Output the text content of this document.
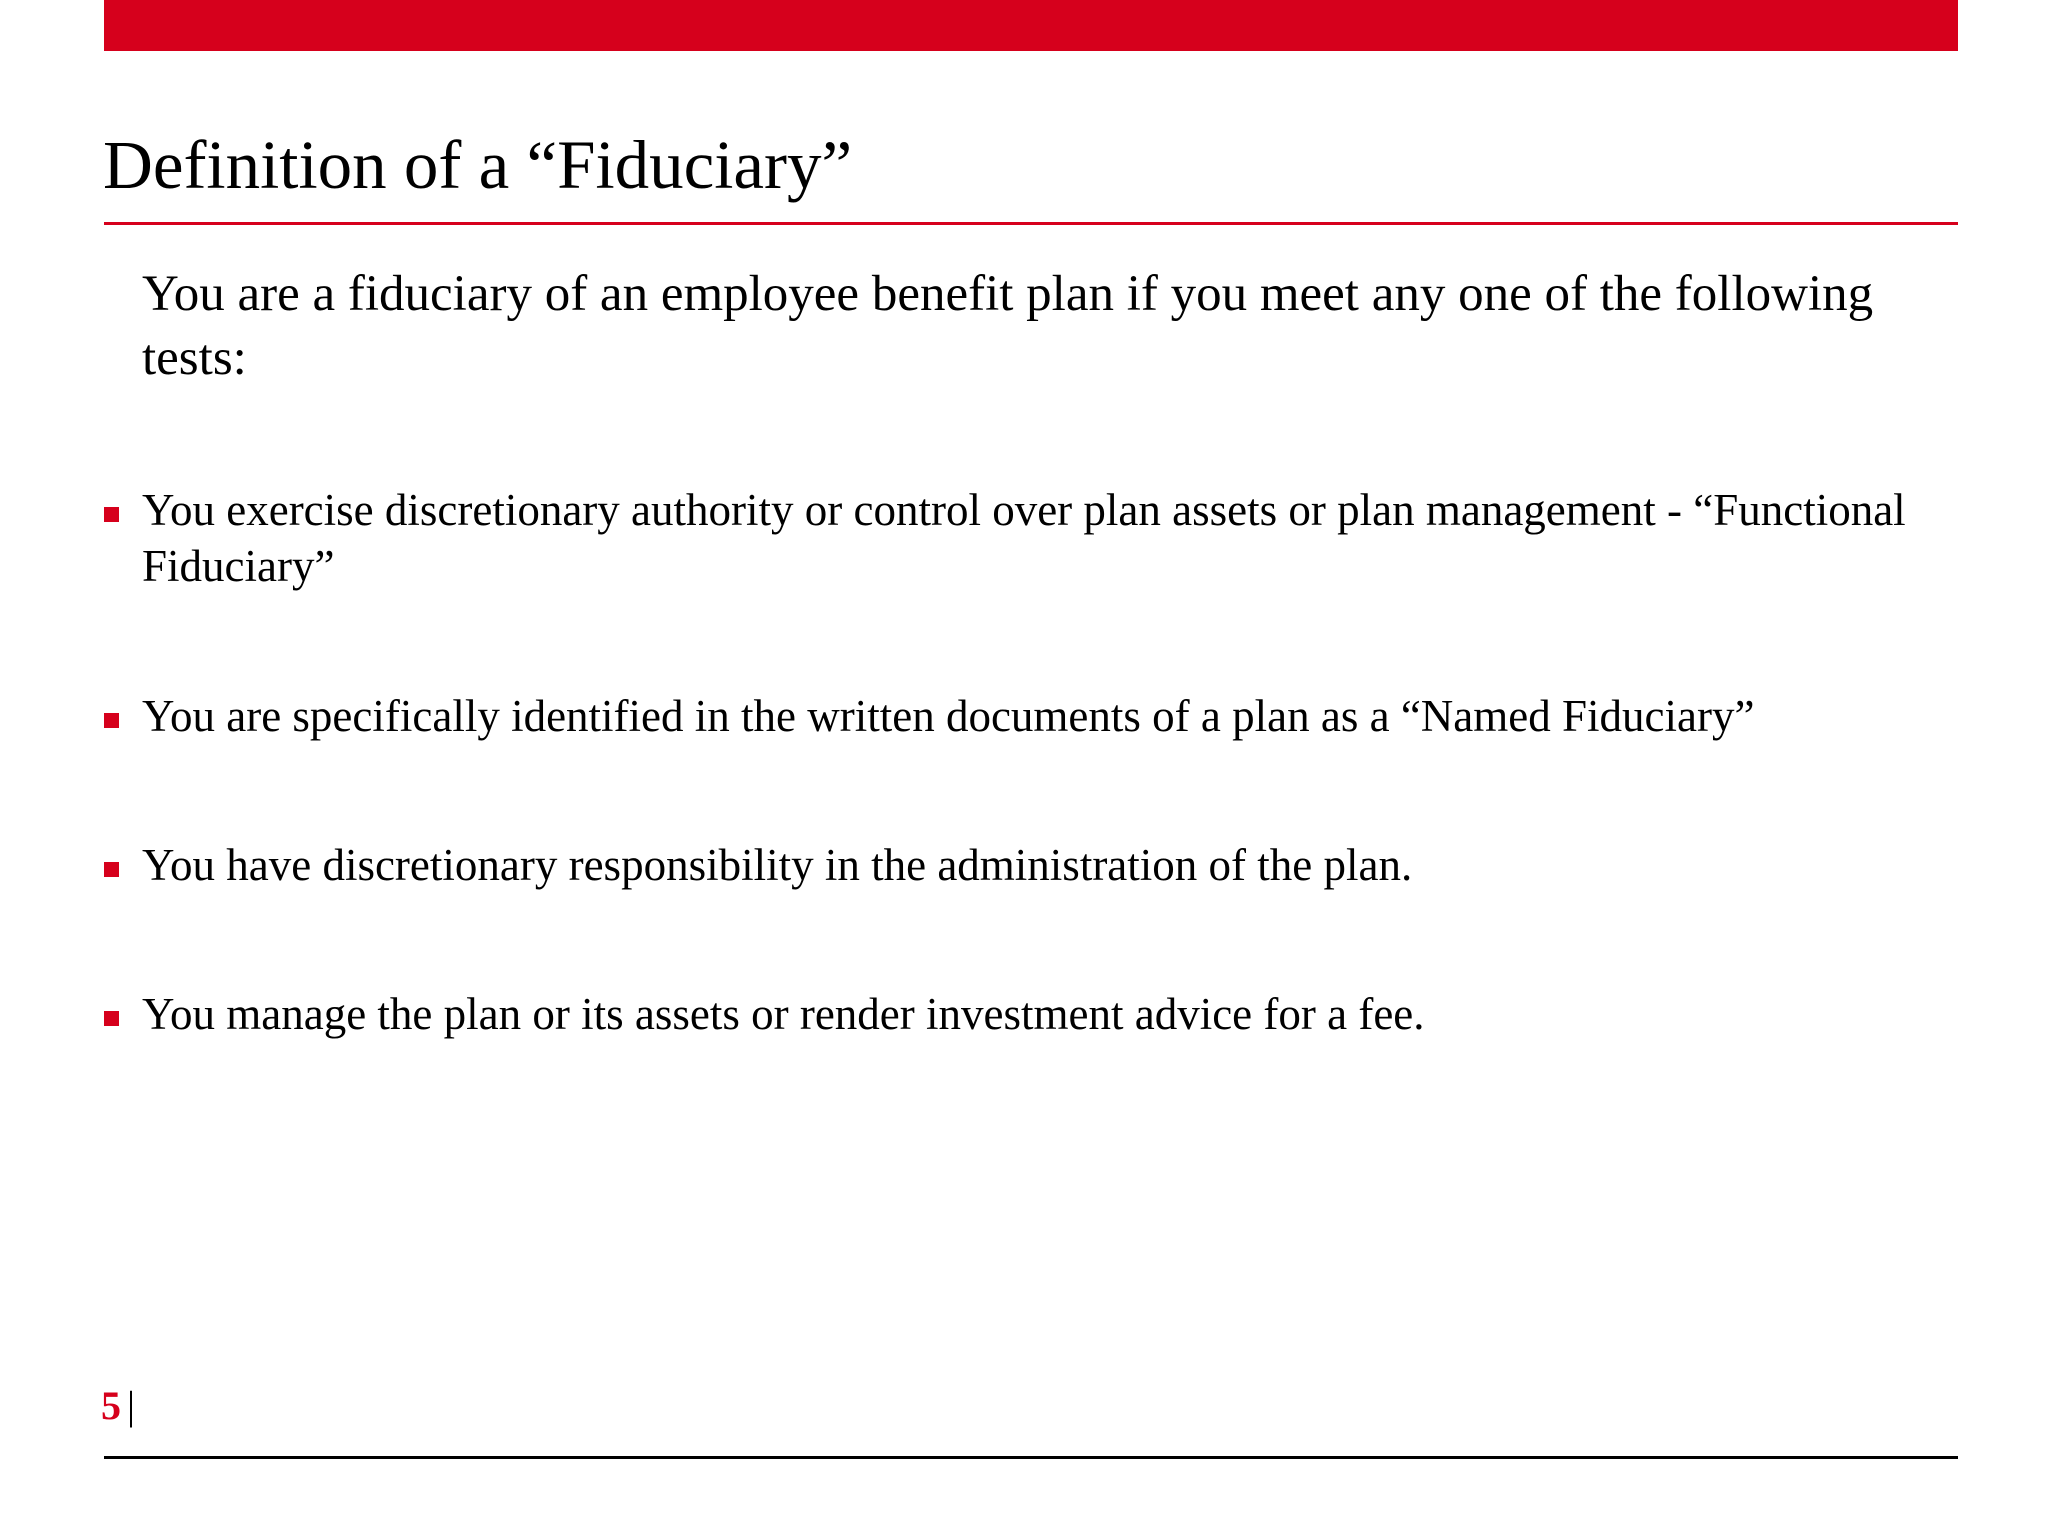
Definition of a “Fiduciary”

You are a fiduciary of an employee benefit plan if you meet any one of the following tests:

You exercise discretionary authority or control over plan assets or plan management - “Functional Fiduciary”
You are specifically identified in the written documents of a plan as a “Named Fiduciary”
You have discretionary responsibility in the administration of the plan.
You manage the plan or its assets or render investment advice for a fee.
5 |
